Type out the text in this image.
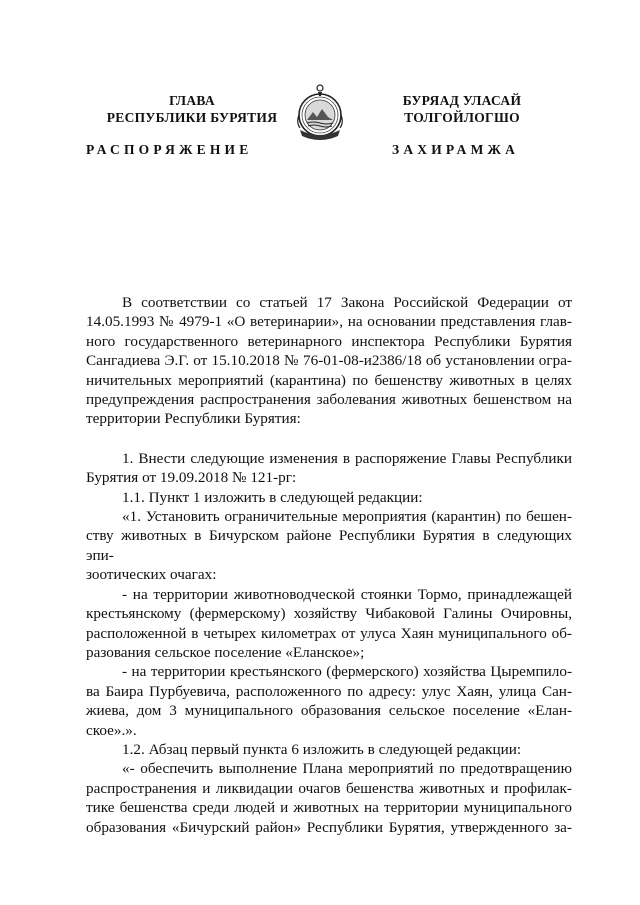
ГЛАВА
РЕСПУБЛИКИ БУРЯТИЯ
БУРЯАД УЛАСАЙ
ТОЛГОЙЛОГШО
РАСПОРЯЖЕНИЕ	ЗАХИРАМЖА
В соответствии со статьей 17 Закона Российской Федерации от
14.05.1993 № 4979-1 «О ветеринарии», на основании представления глав-
ного государственного ветеринарного инспектора Республики Бурятия
Сангадиева Э.Г. от 15.10.2018 № 76-01-08-и2386/18 об установлении огра-
ничительных мероприятий (карантина) по бешенству животных в целях
предупреждения распространения заболевания животных бешенством на
территории Республики Бурятия:
1. Внести следующие изменения в распоряжение Главы Республики
Бурятия от 19.09.2018 № 121-рг:
1.1. Пункт 1 изложить в следующей редакции:
«1. Установить ограничительные мероприятия (карантин) по бешен-
ству животных в Бичурском районе Республики Бурятия в следующих эпи-
зоотических очагах:
- на территории животноводческой стоянки Тормо, принадлежащей
крестьянскому (фермерскому) хозяйству Чибаковой Галины Очировны,
расположенной в четырех километрах от улуса Хаян муниципального об-
разования сельское поселение «Еланское»;
- на территории крестьянского (фермерского) хозяйства Цыремпило-
ва Баира Пурбуевича, расположенного по адресу: улус Хаян, улица Сан-
жиева, дом 3 муниципального образования сельское поселение «Елан-
ское».».
1.2. Абзац первый пункта 6 изложить в следующей редакции:
«- обеспечить выполнение Плана мероприятий по предотвращению
распространения и ликвидации очагов бешенства животных и профилак-
тике бешенства среди людей и животных на территории муниципального
образования «Бичурский район» Республики Бурятия, утвержденного за-
